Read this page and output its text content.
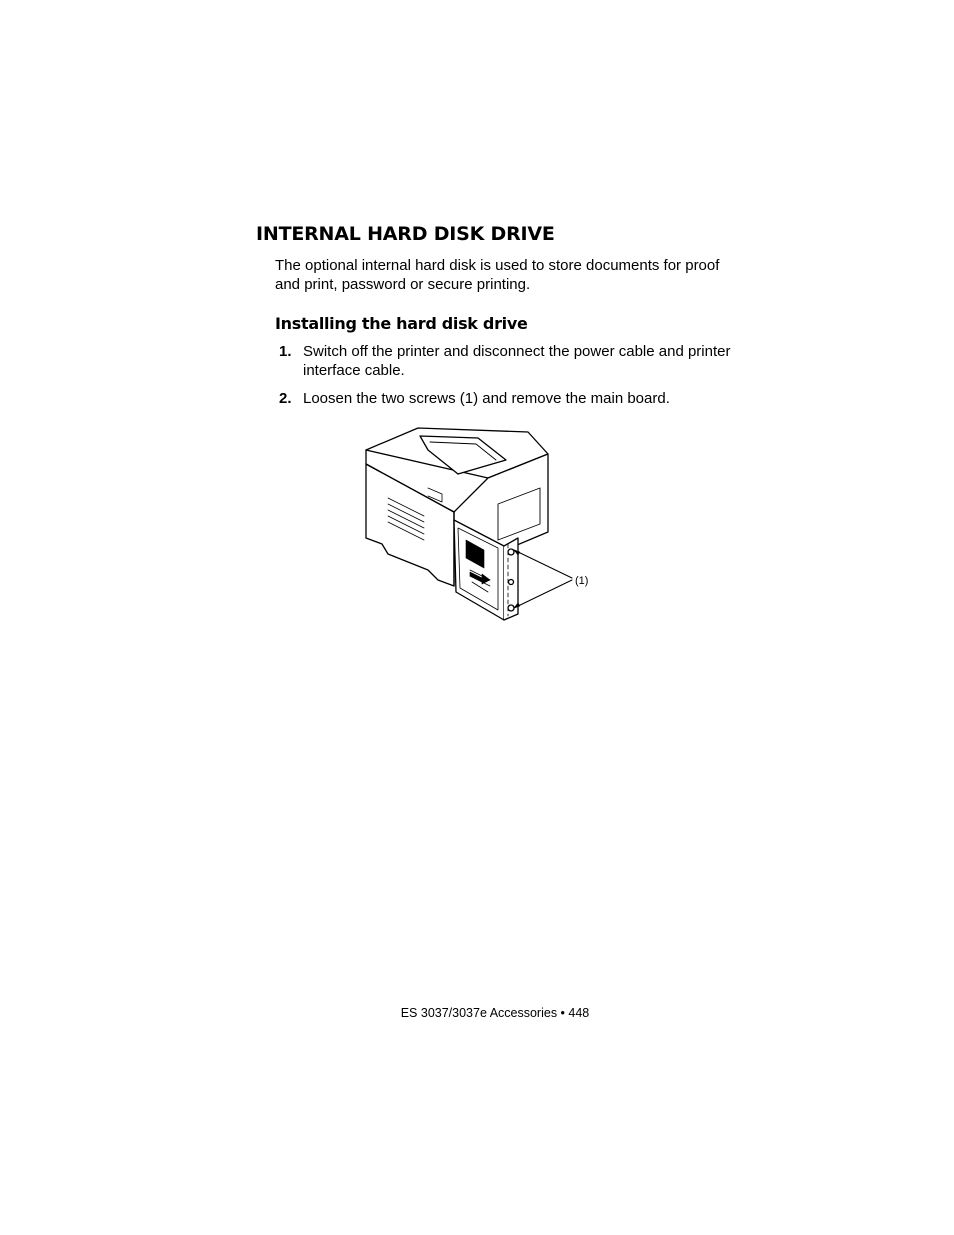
INTERNAL HARD DISK DRIVE

The optional internal hard disk is used to store documents for proof and print, password or secure printing.

Installing the hard disk drive
1. Switch off the printer and disconnect the power cable and printer interface cable.
2. Loosen the two screws (1) and remove the main board.
(1)
ES 3037/3037e Accessories • 448
